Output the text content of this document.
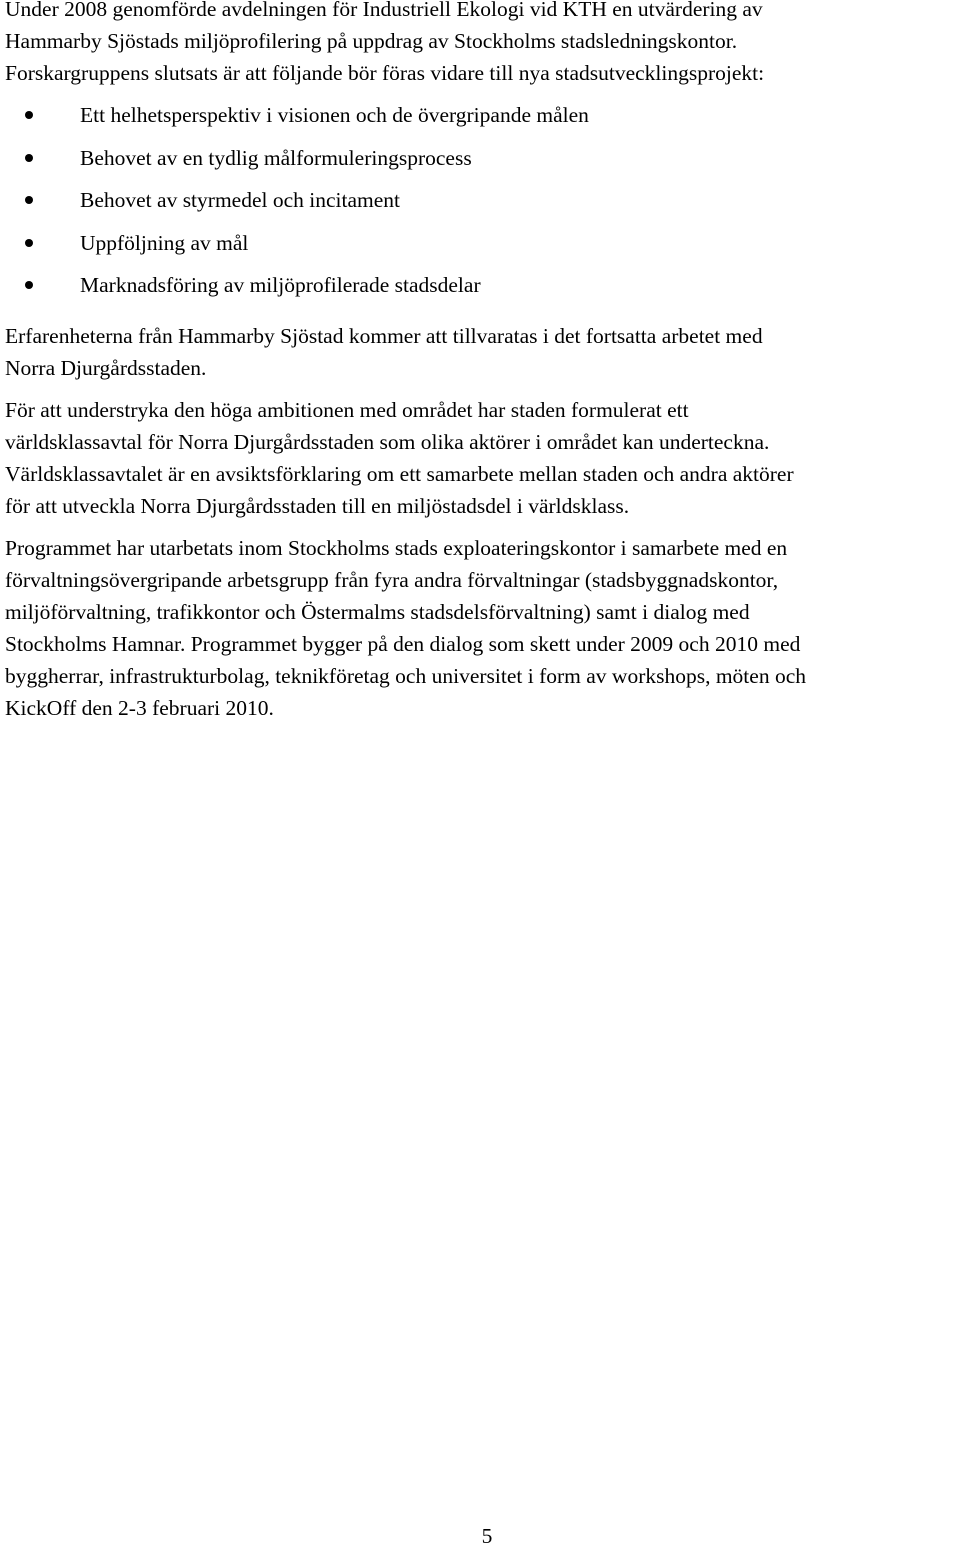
Under 2008 genomförde avdelningen för Industriell Ekologi vid KTH en utvärdering av
Hammarby Sjöstads miljöprofilering på uppdrag av Stockholms stadsledningskontor.
Forskargruppens slutsats är att följande bör föras vidare till nya stadsutvecklingsprojekt:

Ett helhetsperspektiv i visionen och de övergripande målen
Behovet av en tydlig målformuleringsprocess
Behovet av styrmedel och incitament
Uppföljning av mål
Marknadsföring av miljöprofilerade stadsdelar

Erfarenheterna från Hammarby Sjöstad kommer att tillvaratas i det fortsatta arbetet med
Norra Djurgårdsstaden.

För att understryka den höga ambitionen med området har staden formulerat ett
världsklassavtal för Norra Djurgårdsstaden som olika aktörer i området kan underteckna.
Världsklassavtalet är en avsiktsförklaring om ett samarbete mellan staden och andra aktörer
för att utveckla Norra Djurgårdsstaden till en miljöstadsdel i världsklass.

Programmet har utarbetats inom Stockholms stads exploateringskontor i samarbete med en
förvaltningsövergripande arbetsgrupp från fyra andra förvaltningar (stadsbyggnadskontor,
miljöförvaltning, trafikkontor och Östermalms stadsdelsförvaltning) samt i dialog med
Stockholms Hamnar. Programmet bygger på den dialog som skett under 2009 och 2010 med
byggherrar, infrastrukturbolag, teknikföretag och universitet i form av workshops, möten och
KickOff den 2-3 februari 2010.

5
